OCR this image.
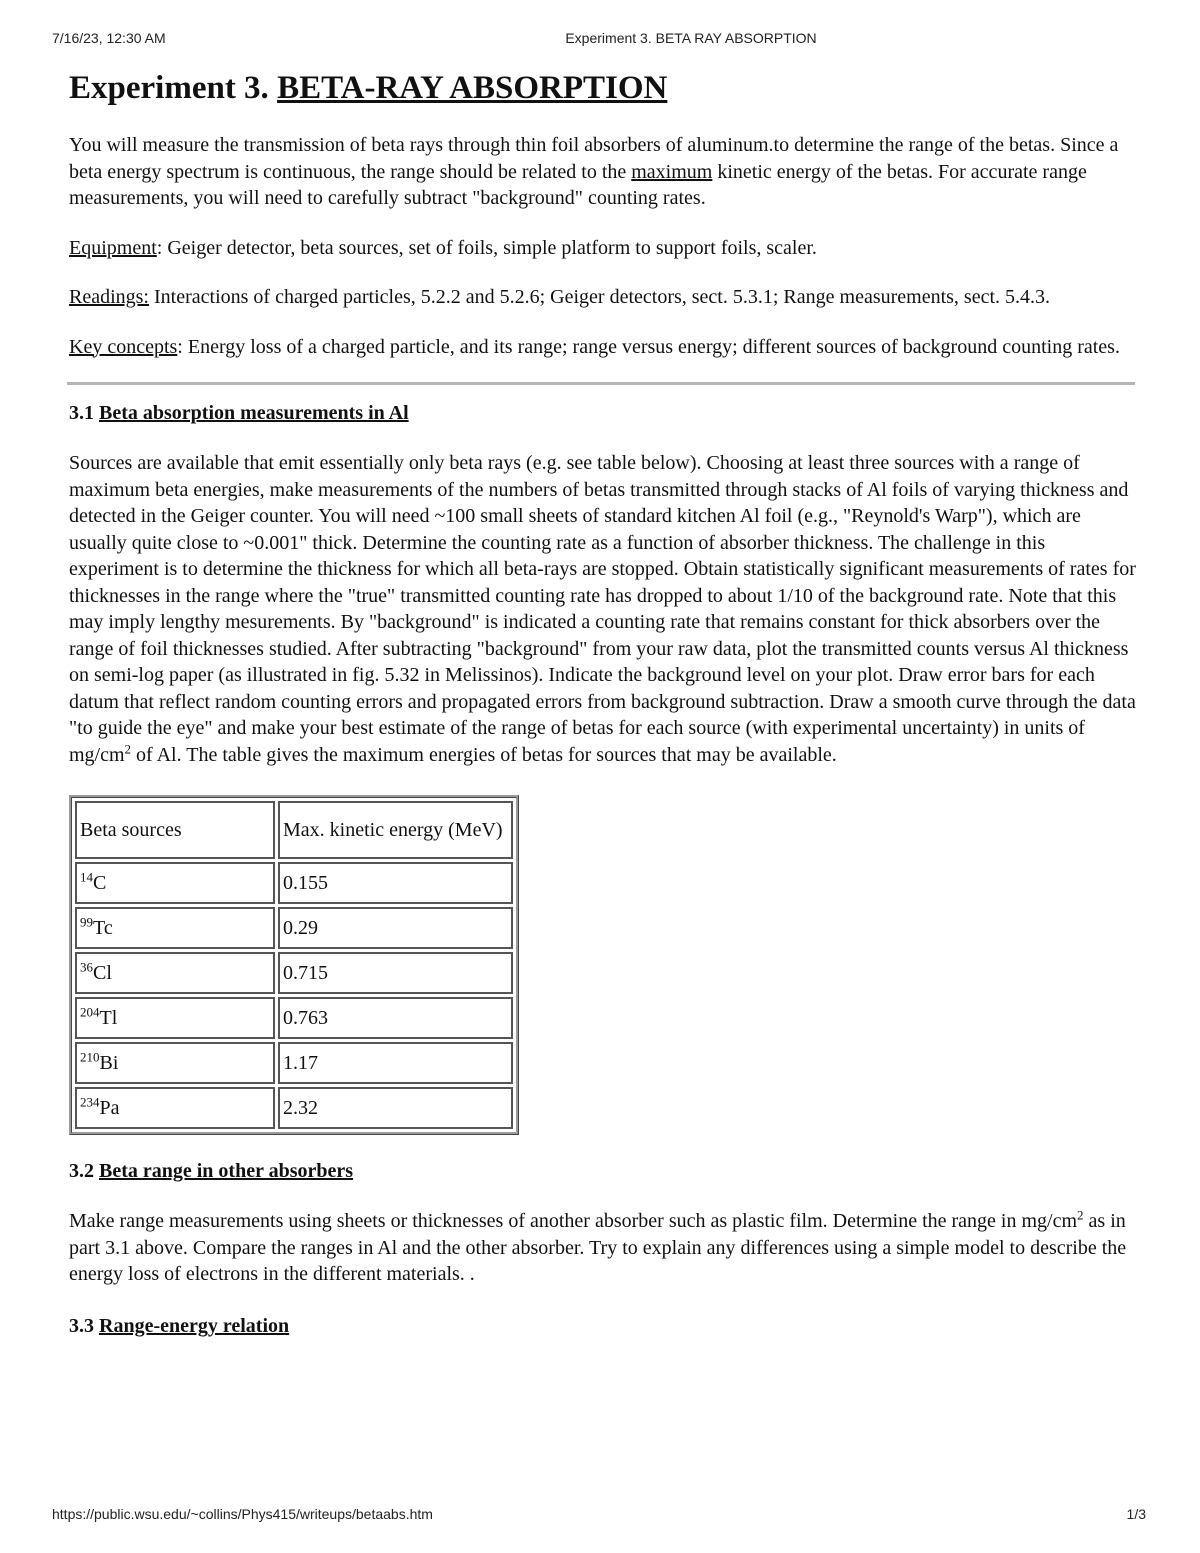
7/16/23, 12:30 AM	Experiment 3. BETA RAY ABSORPTION
Experiment 3. BETA-RAY ABSORPTION

You will measure the transmission of beta rays through thin foil absorbers of aluminum.to determine the range of the betas. Since a beta energy spectrum is continuous, the range should be related to the maximum kinetic energy of the betas. For accurate range measurements, you will need to carefully subtract "background" counting rates.

Equipment: Geiger detector, beta sources, set of foils, simple platform to support foils, scaler.

Readings: Interactions of charged particles, 5.2.2 and 5.2.6; Geiger detectors, sect. 5.3.1; Range measurements, sect. 5.4.3.

Key concepts: Energy loss of a charged particle, and its range; range versus energy; different sources of background counting rates.

3.1 Beta absorption measurements in Al

Sources are available that emit essentially only beta rays (e.g. see table below). Choosing at least three sources with a range of maximum beta energies, make measurements of the numbers of betas transmitted through stacks of Al foils of varying thickness and detected in the Geiger counter. You will need ~100 small sheets of standard kitchen Al foil (e.g., "Reynold's Warp"), which are usually quite close to ~0.001" thick. Determine the counting rate as a function of absorber thickness. The challenge in this experiment is to determine the thickness for which all beta-rays are stopped. Obtain statistically significant measurements of rates for thicknesses in the range where the "true" transmitted counting rate has dropped to about 1/10 of the background rate. Note that this may imply lengthy mesurements. By "background" is indicated a counting rate that remains constant for thick absorbers over the range of foil thicknesses studied. After subtracting "background" from your raw data, plot the transmitted counts versus Al thickness on semi-log paper (as illustrated in fig. 5.32 in Melissinos). Indicate the background level on your plot. Draw error bars for each datum that reflect random counting errors and propagated errors from background subtraction. Draw a smooth curve through the data "to guide the eye" and make your best estimate of the range of betas for each source (with experimental uncertainty) in units of $mg/cm^2$ of Al. The table gives the maximum energies of betas for sources that may be available.

Beta sources	Max. kinetic energy (MeV)
$^{14}$C	0.155
$^{99}$Tc	0.29
$^{36}$Cl	0.715
$^{204}$Tl	0.763
$^{210}$Bi	1.17
$^{234}$Pa	2.32
3.2 Beta range in other absorbers

Make range measurements using sheets or thicknesses of another absorber such as plastic film. Determine the range in $mg/cm^2$ as in part 3.1 above. Compare the ranges in Al and the other absorber. Try to explain any differences using a simple model to describe the energy loss of electrons in the different materials. .

3.3 Range-energy relation
https://public.wsu.edu/~collins/Phys415/writeups/betaabs.htm	1/3
